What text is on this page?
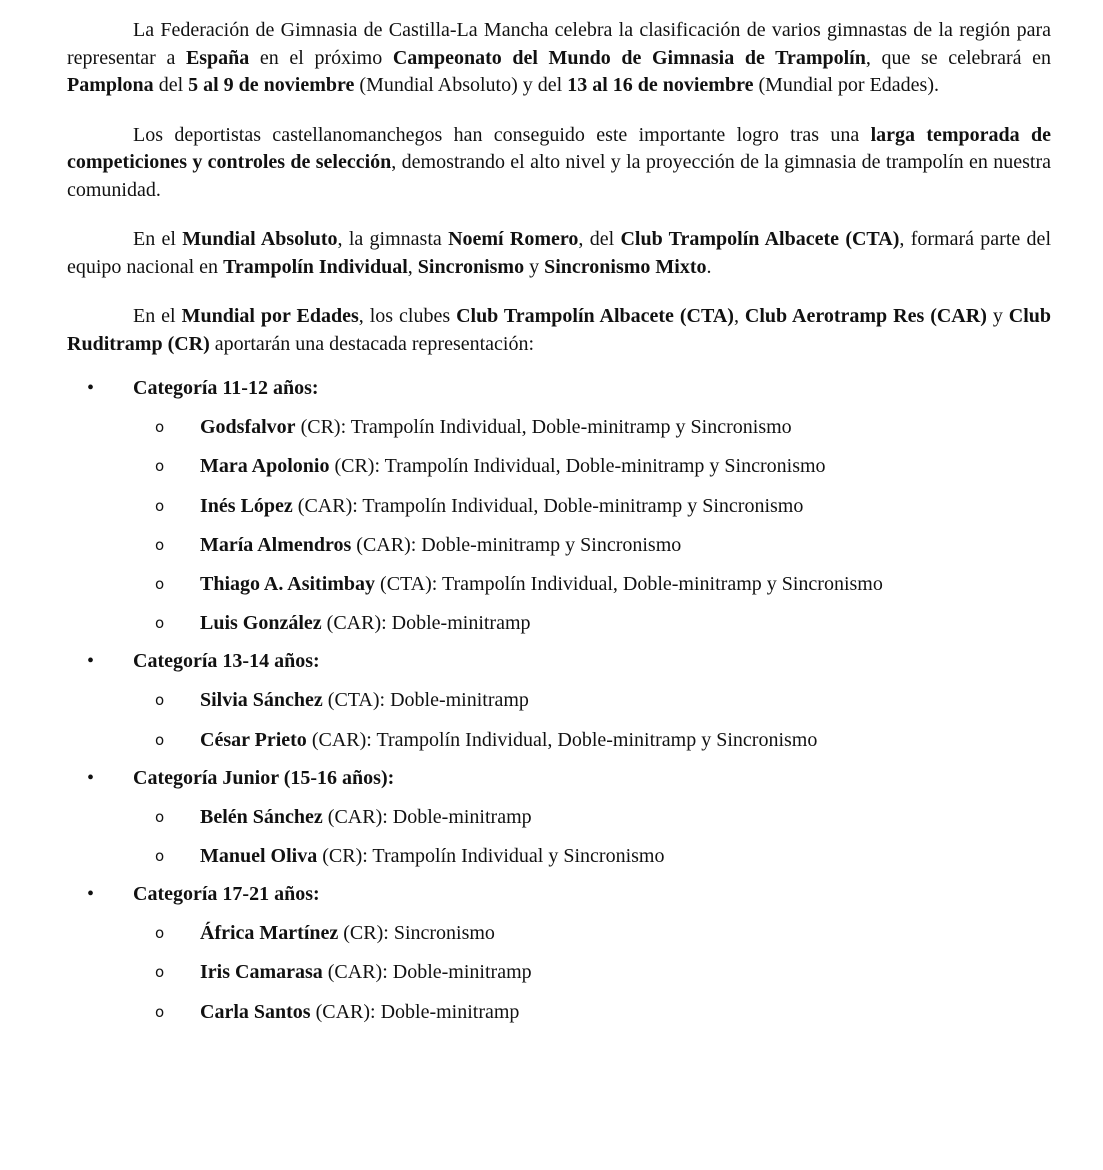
La Federación de Gimnasia de Castilla-La Mancha celebra la clasificación de varios gimnastas de la región para representar a España en el próximo Campeonato del Mundo de Gimnasia de Trampolín, que se celebrará en Pamplona del 5 al 9 de noviembre (Mundial Absoluto) y del 13 al 16 de noviembre (Mundial por Edades).

Los deportistas castellanomanchegos han conseguido este importante logro tras una larga temporada de competiciones y controles de selección, demostrando el alto nivel y la proyección de la gimnasia de trampolín en nuestra comunidad.

En el Mundial Absoluto, la gimnasta Noemí Romero, del Club Trampolín Albacete (CTA), formará parte del equipo nacional en Trampolín Individual, Sincronismo y Sincronismo Mixto.

En el Mundial por Edades, los clubes Club Trampolín Albacete (CTA), Club Aerotramp Res (CAR) y Club Ruditramp (CR) aportarán una destacada representación:

•	Categoría 11-12 años:
o	Godsfalvor (CR): Trampolín Individual, Doble-minitramp y Sincronismo
o	Mara Apolonio (CR): Trampolín Individual, Doble-minitramp y Sincronismo
o	Inés López (CAR): Trampolín Individual, Doble-minitramp y Sincronismo
o	María Almendros (CAR): Doble-minitramp y Sincronismo
o	Thiago A. Asitimbay (CTA): Trampolín Individual, Doble-minitramp y Sincronismo
o	Luis González (CAR): Doble-minitramp
•	Categoría 13-14 años:
o	Silvia Sánchez (CTA): Doble-minitramp
o	César Prieto (CAR): Trampolín Individual, Doble-minitramp y Sincronismo
•	Categoría Junior (15-16 años):
o	Belén Sánchez (CAR): Doble-minitramp
o	Manuel Oliva (CR): Trampolín Individual y Sincronismo
•	Categoría 17-21 años:
o	África Martínez (CR): Sincronismo
o	Iris Camarasa (CAR): Doble-minitramp
o	Carla Santos (CAR): Doble-minitramp
